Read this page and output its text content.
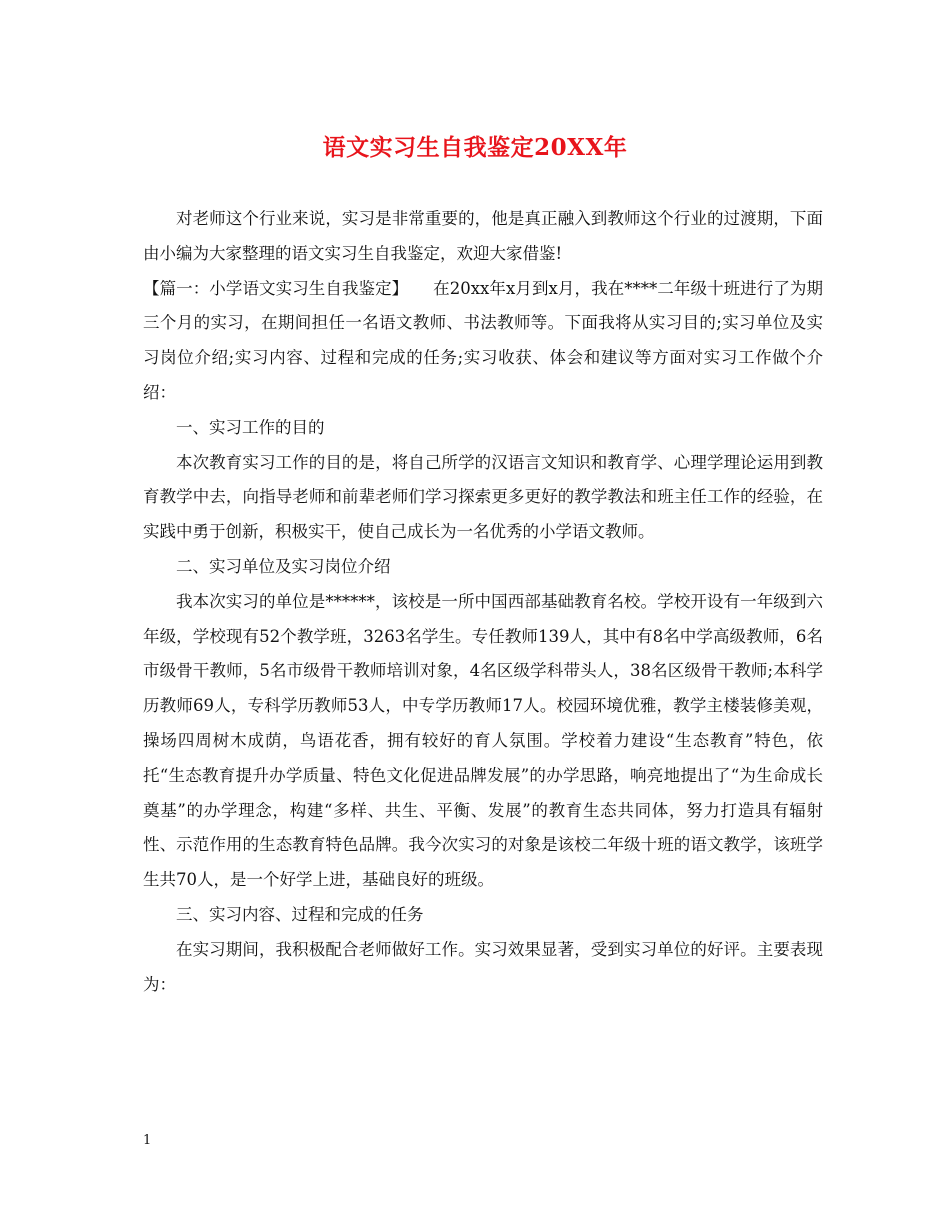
语文实习生自我鉴定20XX年

对老师这个行业来说，实习是非常重要的，他是真正融入到教师这个行业的过渡期，下面由小编为大家整理的语文实习生自我鉴定，欢迎大家借鉴!

【篇一：小学语文实习生自我鉴定】　　在20xx年x月到x月，我在****二年级十班进行了为期三个月的实习，在期间担任一名语文教师、书法教师等。下面我将从实习目的;实习单位及实习岗位介绍;实习内容、过程和完成的任务;实习收获、体会和建议等方面对实习工作做个介绍：

一、实习工作的目的

本次教育实习工作的目的是，将自己所学的汉语言文知识和教育学、心理学理论运用到教育教学中去，向指导老师和前辈老师们学习探索更多更好的教学教法和班主任工作的经验，在实践中勇于创新，积极实干，使自己成长为一名优秀的小学语文教师。

二、实习单位及实习岗位介绍

我本次实习的单位是******，该校是一所中国西部基础教育名校。学校开设有一年级到六年级，学校现有52个教学班，3263名学生。专任教师139人，其中有8名中学高级教师，6名市级骨干教师，5名市级骨干教师培训对象，4名区级学科带头人，38名区级骨干教师;本科学历教师69人，专科学历教师53人，中专学历教师17人。校园环境优雅，教学主楼装修美观，操场四周树木成荫，鸟语花香，拥有较好的育人氛围。学校着力建设“生态教育”特色，依托“生态教育提升办学质量、特色文化促进品牌发展”的办学思路，响亮地提出了“为生命成长奠基”的办学理念，构建“多样、共生、平衡、发展”的教育生态共同体，努力打造具有辐射性、示范作用的生态教育特色品牌。我今次实习的对象是该校二年级十班的语文教学，该班学生共70人，是一个好学上进，基础良好的班级。

三、实习内容、过程和完成的任务

在实习期间，我积极配合老师做好工作。实习效果显著，受到实习单位的好评。主要表现为：

1
